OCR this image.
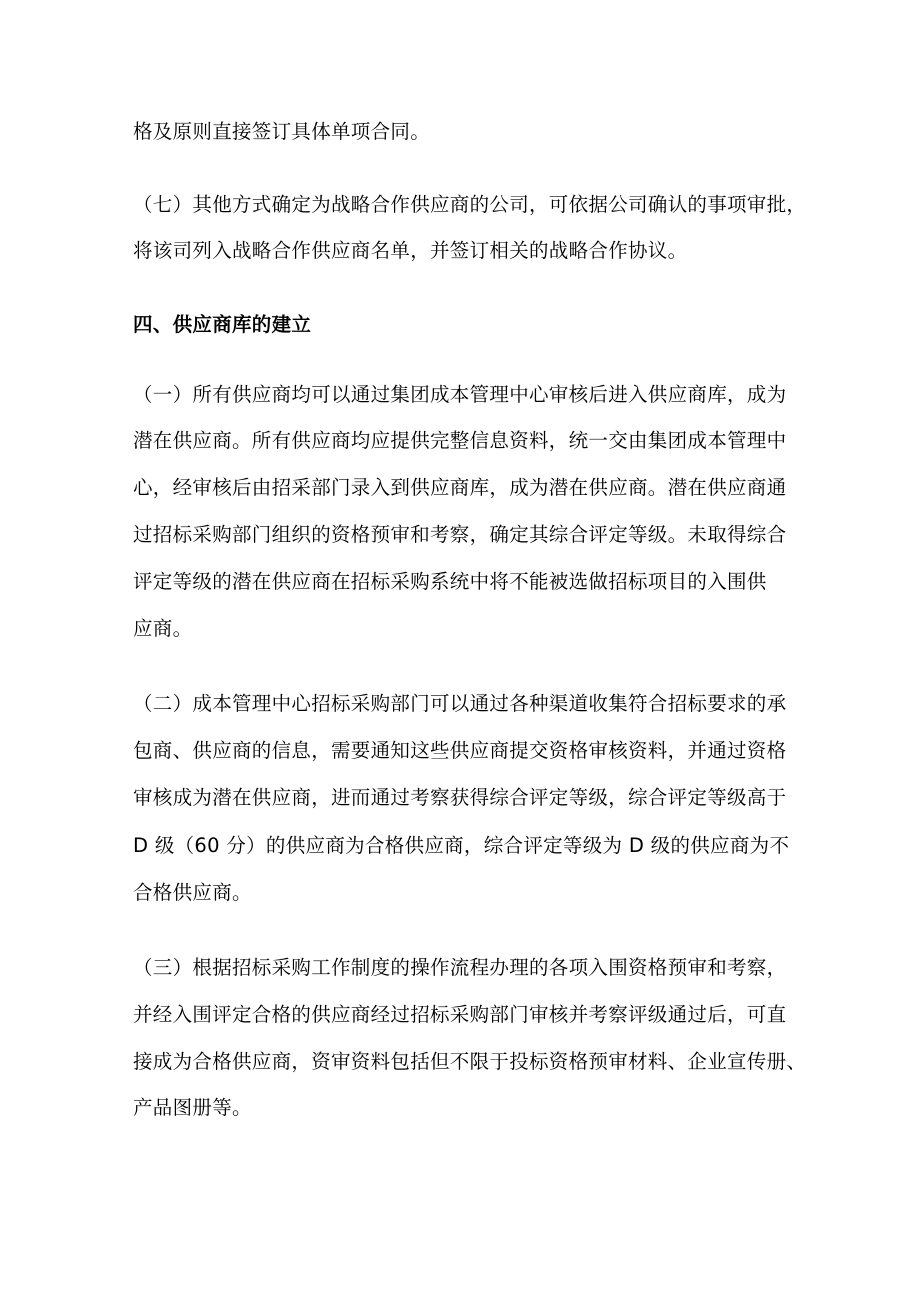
格及原则直接签订具体单项合同。
（七）其他方式确定为战略合作供应商的公司，可依据公司确认的事项审批，
将该司列入战略合作供应商名单，并签订相关的战略合作协议。
四、供应商库的建立
（一）所有供应商均可以通过集团成本管理中心审核后进入供应商库，成为
潜在供应商。所有供应商均应提供完整信息资料，统一交由集团成本管理中
心，经审核后由招采部门录入到供应商库，成为潜在供应商。潜在供应商通
过招标采购部门组织的资格预审和考察，确定其综合评定等级。未取得综合
评定等级的潜在供应商在招标采购系统中将不能被选做招标项目的入围供
应商。
（二）成本管理中心招标采购部门可以通过各种渠道收集符合招标要求的承
包商、供应商的信息，需要通知这些供应商提交资格审核资料，并通过资格
审核成为潜在供应商，进而通过考察获得综合评定等级，综合评定等级高于
D 级（60 分）的供应商为合格供应商，综合评定等级为 D 级的供应商为不
合格供应商。
（三）根据招标采购工作制度的操作流程办理的各项入围资格预审和考察，
并经入围评定合格的供应商经过招标采购部门审核并考察评级通过后，可直
接成为合格供应商，资审资料包括但不限于投标资格预审材料、企业宣传册、
产品图册等。
